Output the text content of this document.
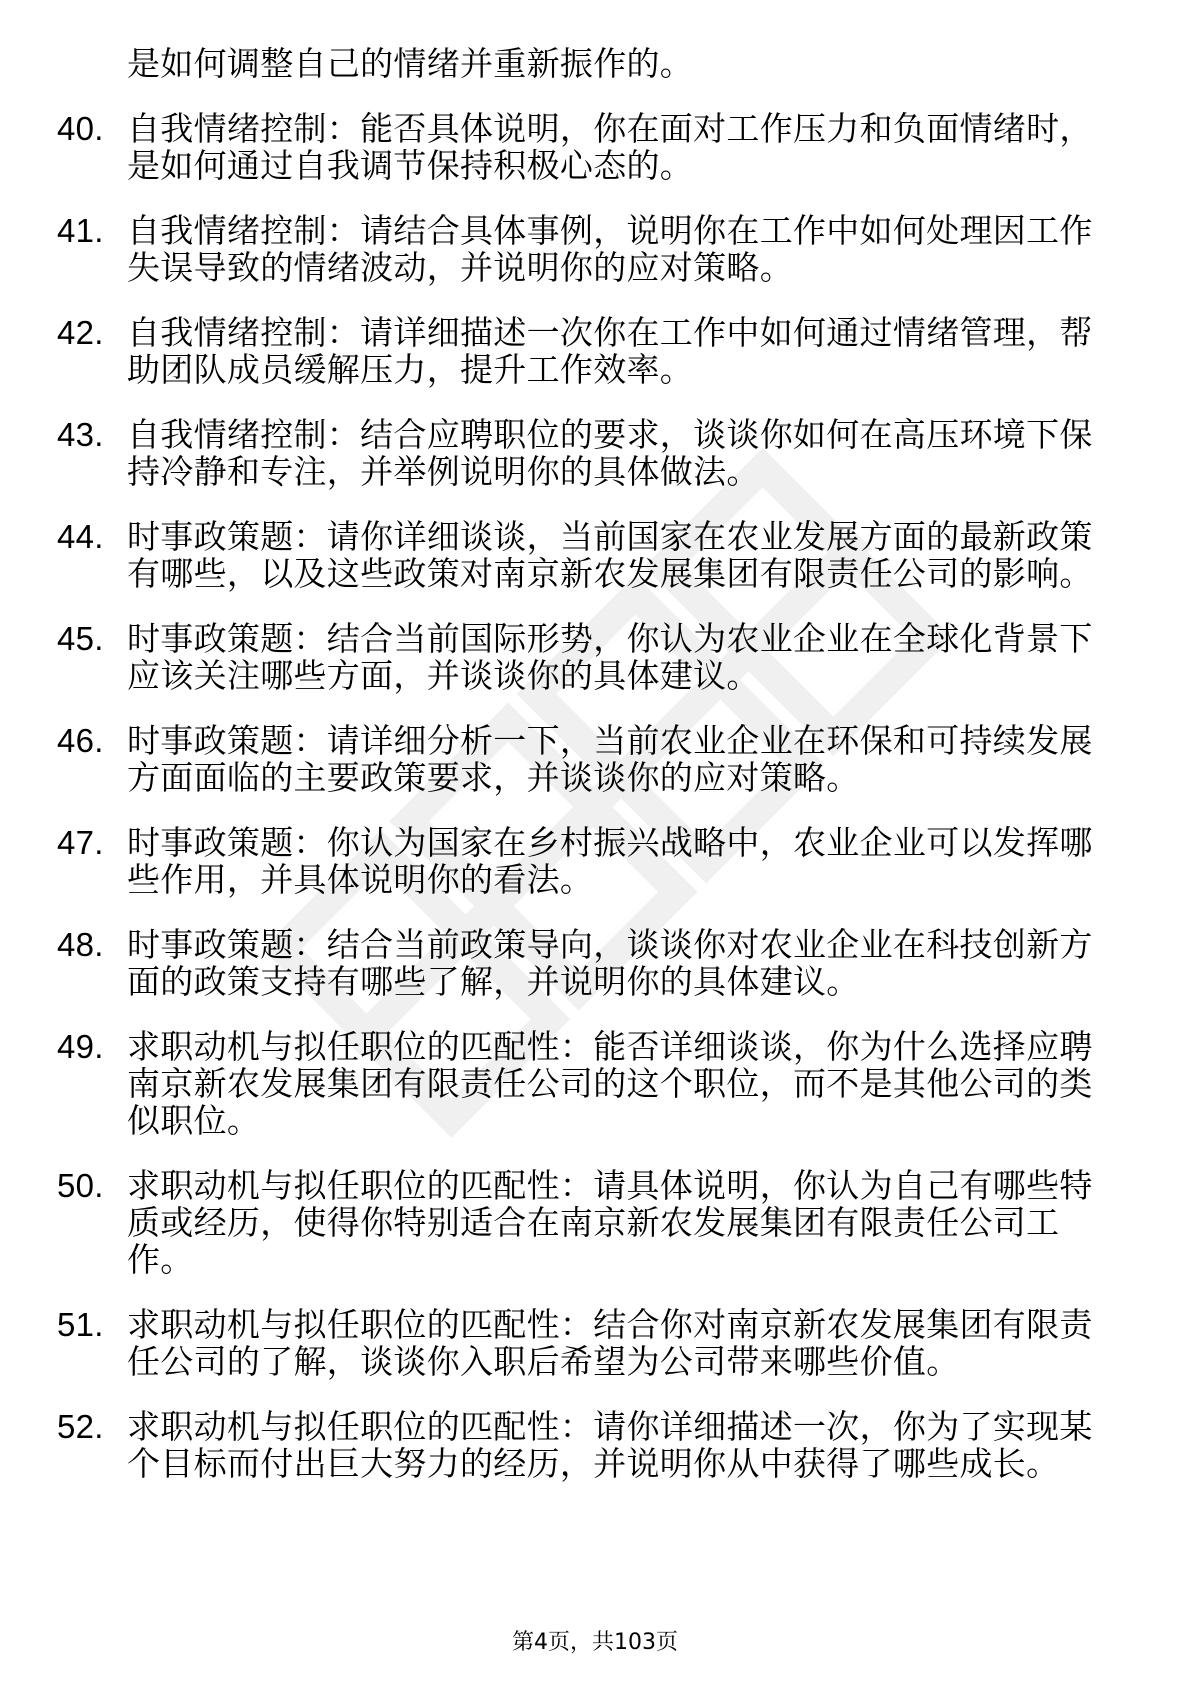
是如何调整自己的情绪并重新振作的。
40. 自我情绪控制：能否具体说明，你在面对工作压力和负面情绪时，是如何通过自我调节保持积极心态的。
41. 自我情绪控制：请结合具体事例，说明你在工作中如何处理因工作失误导致的情绪波动，并说明你的应对策略。
42. 自我情绪控制：请详细描述一次你在工作中如何通过情绪管理，帮助团队成员缓解压力，提升工作效率。
43. 自我情绪控制：结合应聘职位的要求，谈谈你如何在高压环境下保持冷静和专注，并举例说明你的具体做法。
44. 时事政策题：请你详细谈谈，当前国家在农业发展方面的最新政策有哪些，以及这些政策对南京新农发展集团有限责任公司的影响。
45. 时事政策题：结合当前国际形势，你认为农业企业在全球化背景下应该关注哪些方面，并谈谈你的具体建议。
46. 时事政策题：请详细分析一下，当前农业企业在环保和可持续发展方面面临的主要政策要求，并谈谈你的应对策略。
47. 时事政策题：你认为国家在乡村振兴战略中，农业企业可以发挥哪些作用，并具体说明你的看法。
48. 时事政策题：结合当前政策导向，谈谈你对农业企业在科技创新方面的政策支持有哪些了解，并说明你的具体建议。
49. 求职动机与拟任职位的匹配性：能否详细谈谈，你为什么选择应聘南京新农发展集团有限责任公司的这个职位，而不是其他公司的类似职位。
50. 求职动机与拟任职位的匹配性：请具体说明，你认为自己有哪些特质或经历，使得你特别适合在南京新农发展集团有限责任公司工作。
51. 求职动机与拟任职位的匹配性：结合你对南京新农发展集团有限责任公司的了解，谈谈你入职后希望为公司带来哪些价值。
52. 求职动机与拟任职位的匹配性：请你详细描述一次，你为了实现某个目标而付出巨大努力的经历，并说明你从中获得了哪些成长。
第4页，共103页
